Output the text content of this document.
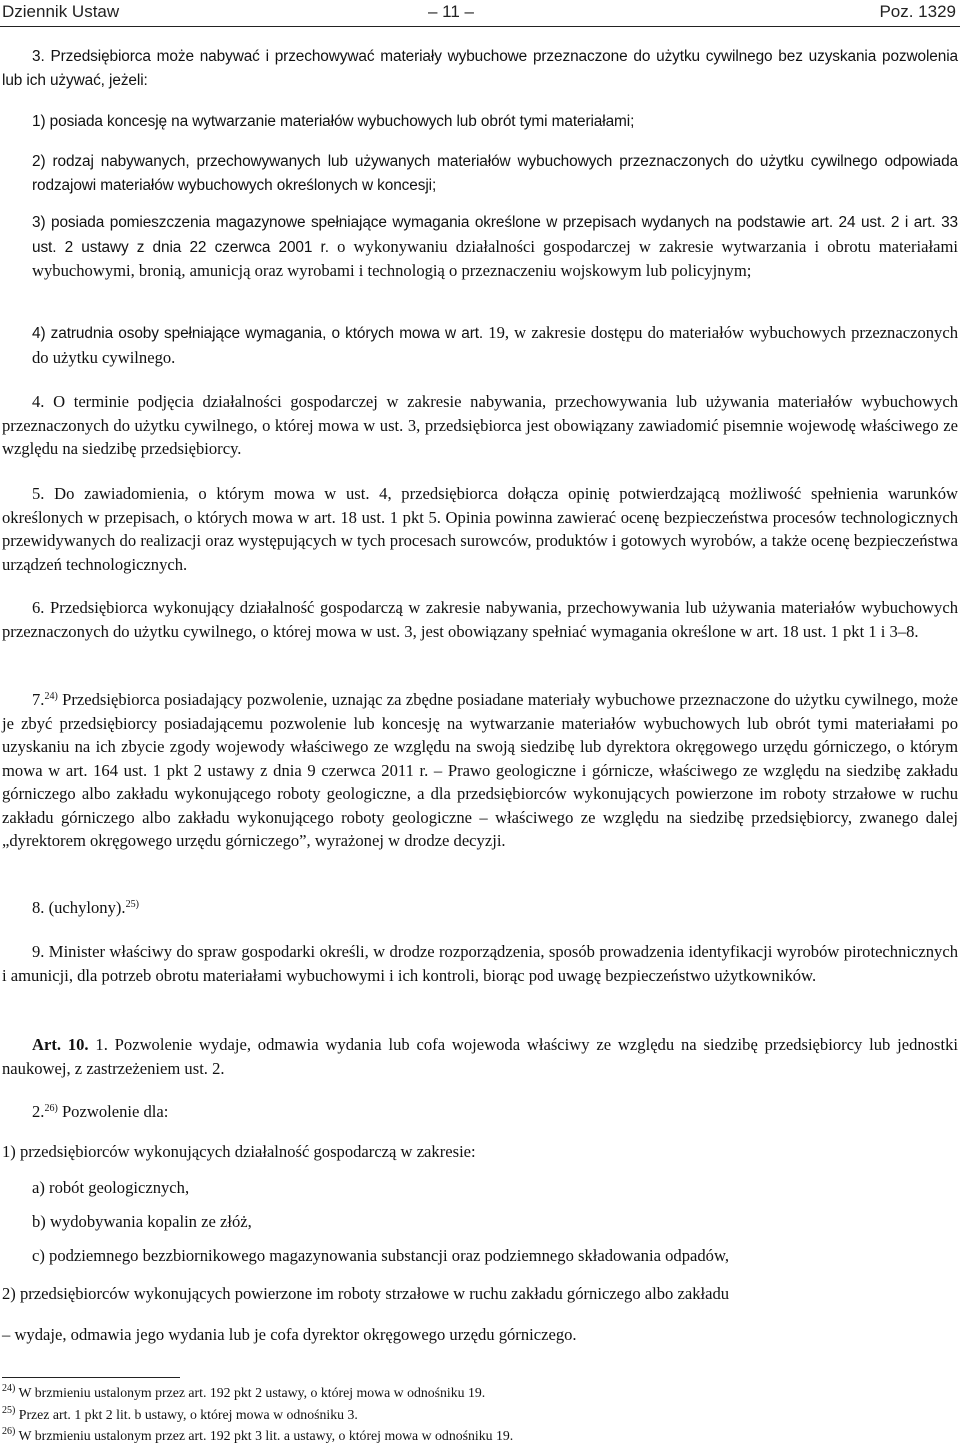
Dziennik Ustaw	– 11 –	Poz. 1329

3. Przedsiębiorca może nabywać i przechowywać materiały wybuchowe przeznaczone do użytku cywilnego bez uzyskania pozwolenia lub ich używać, jeżeli:

1) posiada koncesję na wytwarzanie materiałów wybuchowych lub obrót tymi materiałami;

2) rodzaj nabywanych, przechowywanych lub używanych materiałów wybuchowych przeznaczonych do użytku cywilnego odpowiada rodzajowi materiałów wybuchowych określonych w koncesji;

3) posiada pomieszczenia magazynowe spełniające wymagania określone w przepisach wydanych na podstawie art. 24 ust. 2 i art. 33 ust. 2 ustawy z dnia 22 czerwca 2001 r. o wykonywaniu działalności gospodarczej w zakresie wytwarzania i obrotu materiałami wybuchowymi, bronią, amunicją oraz wyrobami i technologią o przeznaczeniu wojskowym lub policyjnym;

4) zatrudnia osoby spełniające wymagania, o których mowa w art. 19, w zakresie dostępu do materiałów wybuchowych przeznaczonych do użytku cywilnego.

4. O terminie podjęcia działalności gospodarczej w zakresie nabywania, przechowywania lub używania materiałów wybuchowych przeznaczonych do użytku cywilnego, o której mowa w ust. 3, przedsiębiorca jest obowiązany zawiadomić pisemnie wojewodę właściwego ze względu na siedzibę przedsiębiorcy.

5. Do zawiadomienia, o którym mowa w ust. 4, przedsiębiorca dołącza opinię potwierdzającą możliwość spełnienia warunków określonych w przepisach, o których mowa w art. 18 ust. 1 pkt 5. Opinia powinna zawierać ocenę bezpieczeństwa procesów technologicznych przewidywanych do realizacji oraz występujących w tych procesach surowców, produktów i gotowych wyrobów, a także ocenę bezpieczeństwa urządzeń technologicznych.

6. Przedsiębiorca wykonujący działalność gospodarczą w zakresie nabywania, przechowywania lub używania materiałów wybuchowych przeznaczonych do użytku cywilnego, o której mowa w ust. 3, jest obowiązany spełniać wymagania określone w art. 18 ust. 1 pkt 1 i 3–8.

7.$^{24)}$ Przedsiębiorca posiadający pozwolenie, uznając za zbędne posiadane materiały wybuchowe przeznaczone do użytku cywilnego, może je zbyć przedsiębiorcy posiadającemu pozwolenie lub koncesję na wytwarzanie materiałów wybuchowych lub obrót tymi materiałami po uzyskaniu na ich zbycie zgody wojewody właściwego ze względu na swoją siedzibę lub dyrektora okręgowego urzędu górniczego, o którym mowa w art. 164 ust. 1 pkt 2 ustawy z dnia 9 czerwca 2011 r. – Prawo geologiczne i górnicze, właściwego ze względu na siedzibę zakładu górniczego albo zakładu wykonującego roboty geologiczne, a dla przedsiębiorców wykonujących powierzone im roboty strzałowe w ruchu zakładu górniczego albo zakładu wykonującego roboty geologiczne – właściwego ze względu na siedzibę przedsiębiorcy, zwanego dalej „dyrektorem okręgowego urzędu górniczego”, wyrażonej w drodze decyzji.

8. (uchylony).$^{25)}$

9. Minister właściwy do spraw gospodarki określi, w drodze rozporządzenia, sposób prowadzenia identyfikacji wyrobów pirotechnicznych i amunicji, dla potrzeb obrotu materiałami wybuchowymi i ich kontroli, biorąc pod uwagę bezpieczeństwo użytkowników.

Art. 10. 1. Pozwolenie wydaje, odmawia wydania lub cofa wojewoda właściwy ze względu na siedzibę przedsiębiorcy lub jednostki naukowej, z zastrzeżeniem ust. 2.

2.$^{26)}$ Pozwolenie dla:

1) przedsiębiorców wykonujących działalność gospodarczą w zakresie:

a) robót geologicznych,

b) wydobywania kopalin ze złóż,

c) podziemnego bezzbiornikowego magazynowania substancji oraz podziemnego składowania odpadów,

2) przedsiębiorców wykonujących powierzone im roboty strzałowe w ruchu zakładu górniczego albo zakładu

– wydaje, odmawia jego wydania lub je cofa dyrektor okręgowego urzędu górniczego.

$^{24)}$ W brzmieniu ustalonym przez art. 192 pkt 2 ustawy, o której mowa w odnośniku 19.

$^{25)}$ Przez art. 1 pkt 2 lit. b ustawy, o której mowa w odnośniku 3.

$^{26)}$ W brzmieniu ustalonym przez art. 192 pkt 3 lit. a ustawy, o której mowa w odnośniku 19.
